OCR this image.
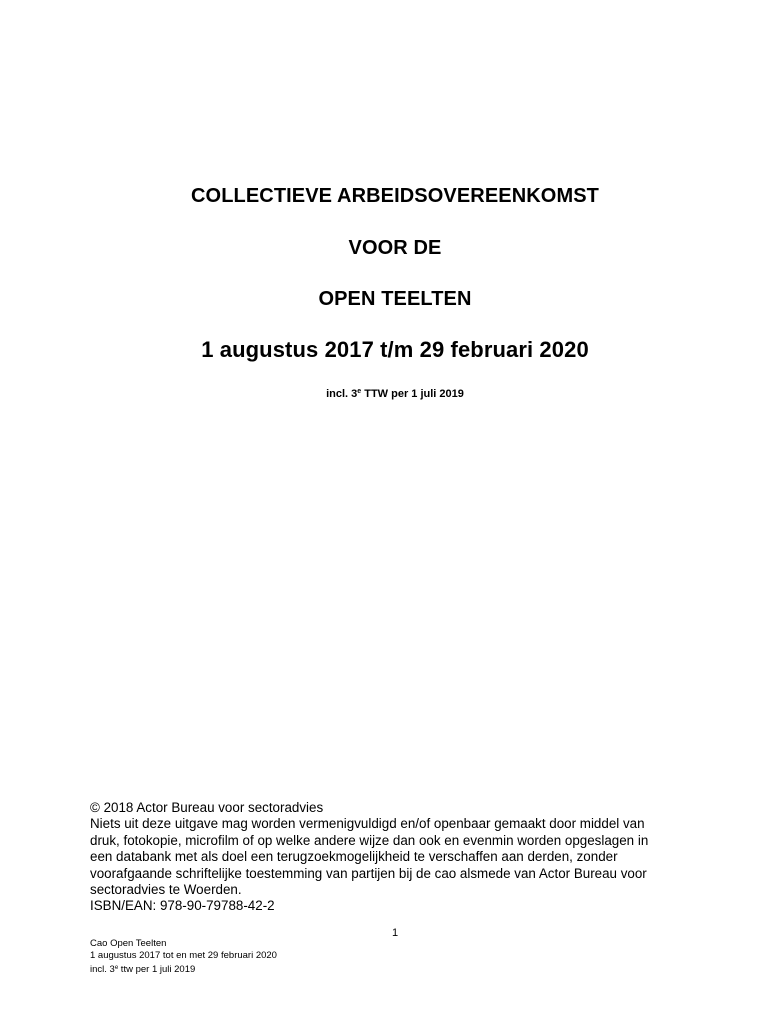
COLLECTIEVE ARBEIDSOVEREENKOMST
VOOR DE
OPEN TEELTEN
1 augustus 2017 t/m 29 februari 2020
incl. 3e TTW per 1 juli 2019
© 2018 Actor Bureau voor sectoradvies
Niets uit deze uitgave mag worden vermenigvuldigd en/of openbaar gemaakt door middel van
druk, fotokopie, microfilm of op welke andere wijze dan ook en evenmin worden opgeslagen in
een databank met als doel een terugzoekmogelijkheid te verschaffen aan derden, zonder
voorafgaande schriftelijke toestemming van partijen bij de cao alsmede van Actor Bureau voor
sectoradvies te Woerden.
ISBN/EAN: 978-90-79788-42-2
1
Cao Open Teelten
1 augustus 2017 tot en met 29 februari 2020
incl. 3e ttw per 1 juli 2019
